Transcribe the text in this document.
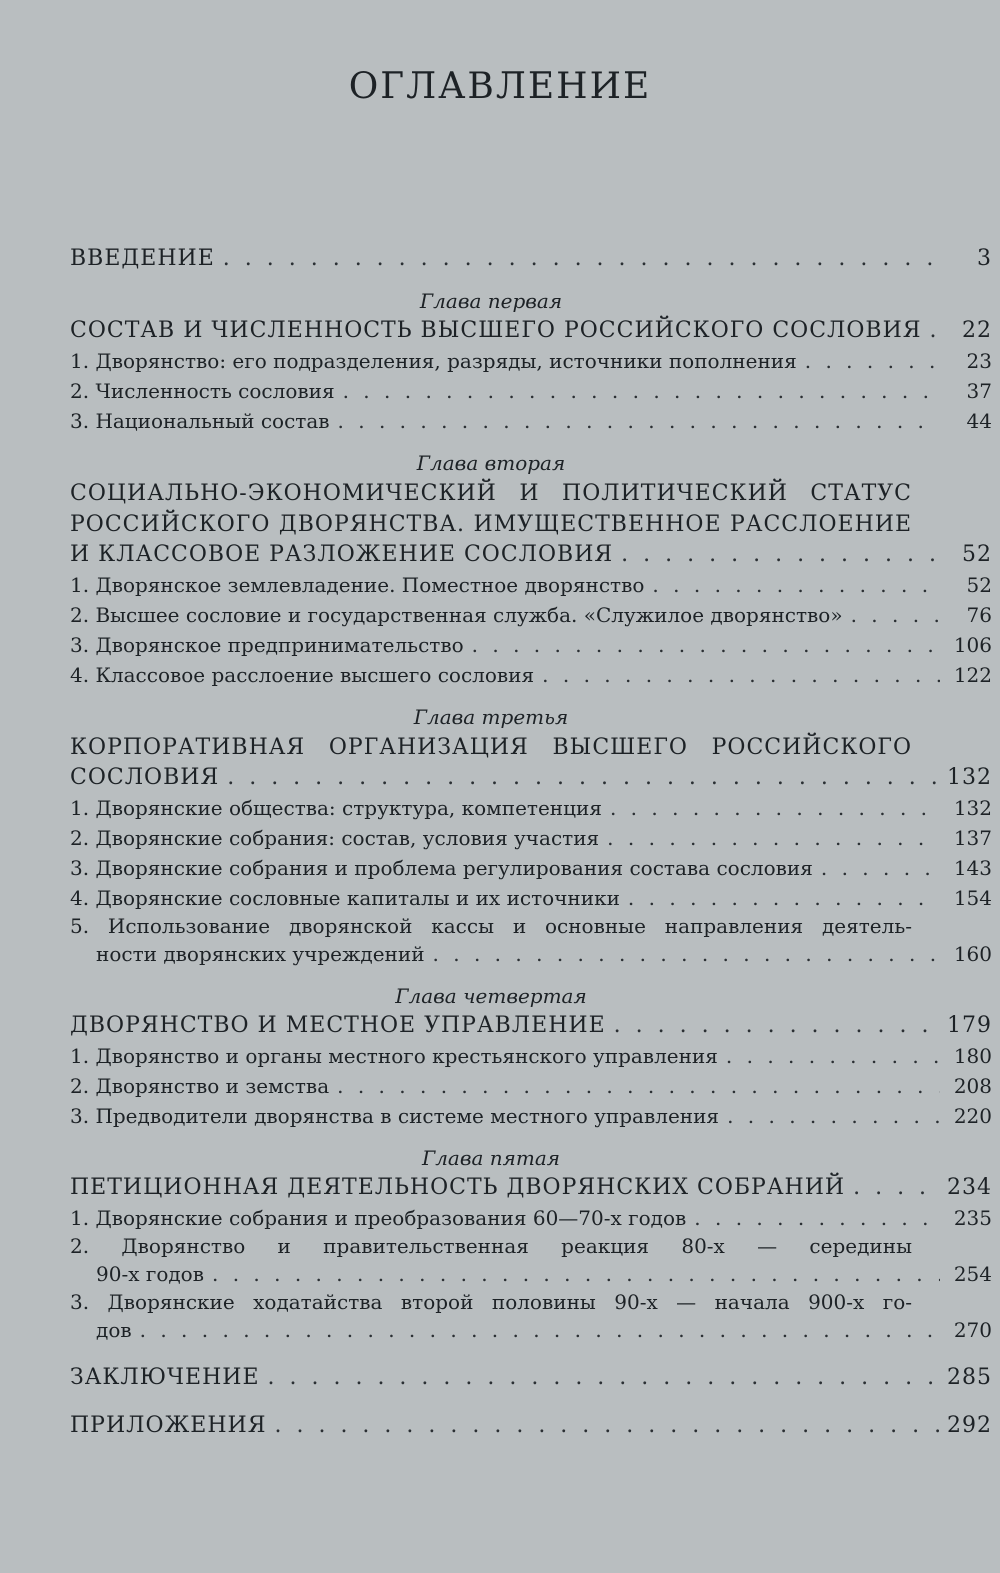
ОГЛАВЛЕНИЕ
ВВЕДЕНИЕ . . .	3
Глава первая
СОСТАВ И ЧИСЛЕННОСТЬ ВЫСШЕГО РОССИЙСКОГО СОСЛОВИЯ . . .	22
1. Дворянство: его подразделения, разряды, источники пополнения . . .	23
2. Численность сословия . . .	37
3. Национальный состав . . .	44
Глава вторая
СОЦИАЛЬНО-ЭКОНОМИЧЕСКИЙ И ПОЛИТИЧЕСКИЙ СТАТУС
РОССИЙСКОГО ДВОРЯНСТВА. ИМУЩЕСТВЕННОЕ РАССЛОЕНИЕ
И КЛАССОВОЕ РАЗЛОЖЕНИЕ СОСЛОВИЯ . . .	52
1. Дворянское землевладение. Поместное дворянство . . .	52
2. Высшее сословие и государственная служба. «Служилое дворянство» . . .	76
3. Дворянское предпринимательство . . .	106
4. Классовое расслоение высшего сословия . . .	122
Глава третья
КОРПОРАТИВНАЯ ОРГАНИЗАЦИЯ ВЫСШЕГО РОССИЙСКОГО
СОСЛОВИЯ . . .	132
1. Дворянские общества: структура, компетенция . . .	132
2. Дворянские собрания: состав, условия участия . . .	137
3. Дворянские собрания и проблема регулирования состава сословия . . .	143
4. Дворянские сословные капиталы и их источники . . .	154
5. Использование дворянской кассы и основные направления деятель-
ности дворянских учреждений . . .	160
Глава четвертая
ДВОРЯНСТВО И МЕСТНОЕ УПРАВЛЕНИЕ . . .	179
1. Дворянство и органы местного крестьянского управления . . .	180
2. Дворянство и земства . . .	208
3. Предводители дворянства в системе местного управления . . .	220
Глава пятая
ПЕТИЦИОННАЯ ДЕЯТЕЛЬНОСТЬ ДВОРЯНСКИХ СОБРАНИЙ . . .	234
1. Дворянские собрания и преобразования 60—70-х годов . . .	235
2. Дворянство и правительственная реакция 80-х — середины
90-х годов . . .	254
3. Дворянские ходатайства второй половины 90-х — начала 900-х го-
дов . . .	270
ЗАКЛЮЧЕНИЕ . . .	285
ПРИЛОЖЕНИЯ . . .	292
